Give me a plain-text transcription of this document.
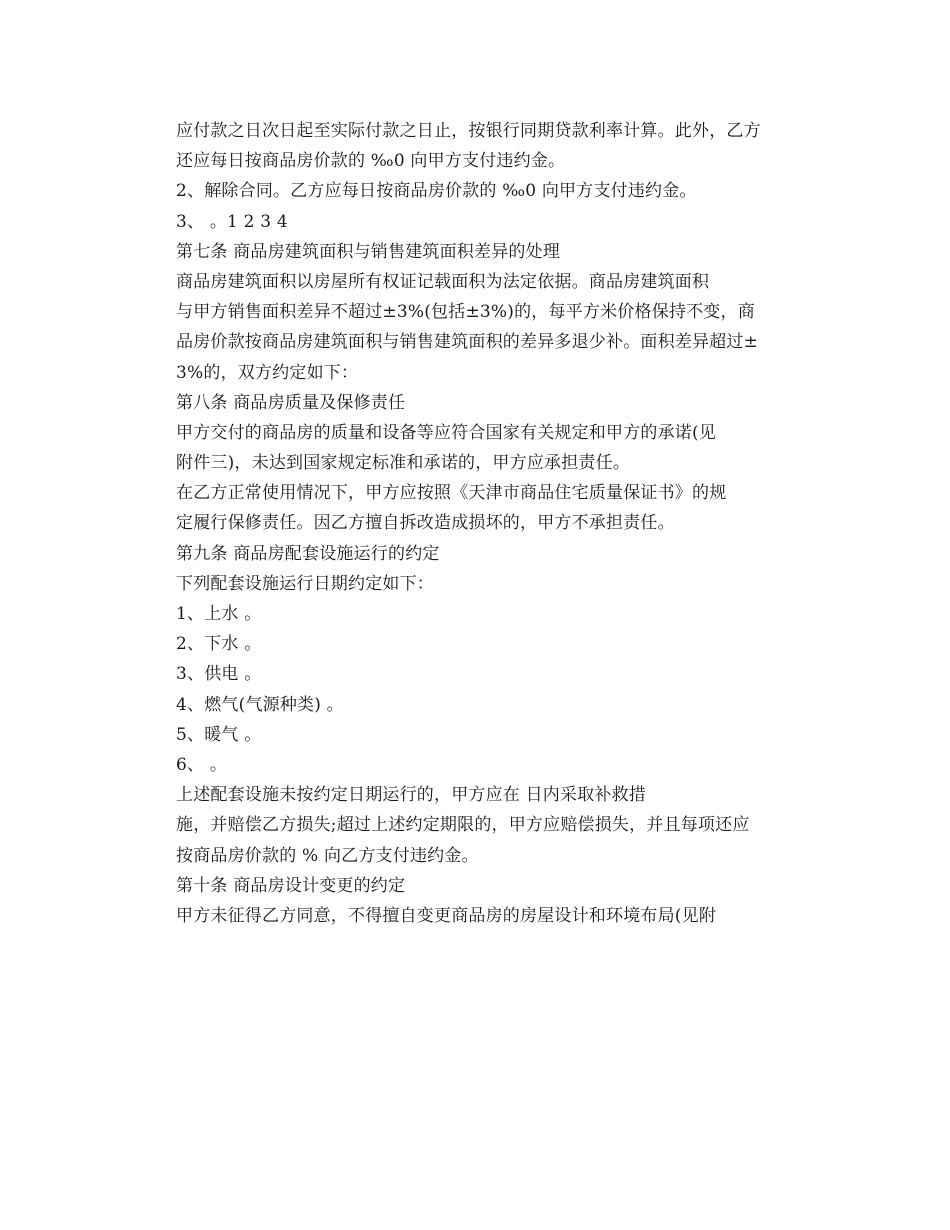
应付款之日次日起至实际付款之日止，按银行同期贷款利率计算。此外，乙方
还应每日按商品房价款的 ‰0 向甲方支付违约金。
2、解除合同。乙方应每日按商品房价款的 ‰0 向甲方支付违约金。
3、 。1 2 3 4
第七条 商品房建筑面积与销售建筑面积差异的处理
商品房建筑面积以房屋所有权证记载面积为法定依据。商品房建筑面积
与甲方销售面积差异不超过±3%(包括±3%)的，每平方米价格保持不变，商
品房价款按商品房建筑面积与销售建筑面积的差异多退少补。面积差异超过±
3%的，双方约定如下：
第八条 商品房质量及保修责任
甲方交付的商品房的质量和设备等应符合国家有关规定和甲方的承诺(见
附件三)，未达到国家规定标准和承诺的，甲方应承担责任。
在乙方正常使用情况下，甲方应按照《天津市商品住宅质量保证书》的规
定履行保修责任。因乙方擅自拆改造成损坏的，甲方不承担责任。
第九条 商品房配套设施运行的约定
下列配套设施运行日期约定如下：
1、上水 。
2、下水 。
3、供电 。
4、燃气(气源种类) 。
5、暖气 。
6、 。
上述配套设施未按约定日期运行的，甲方应在 日内采取补救措
施，并赔偿乙方损失;超过上述约定期限的，甲方应赔偿损失，并且每项还应
按商品房价款的 % 向乙方支付违约金。
第十条 商品房设计变更的约定
甲方未征得乙方同意，不得擅自变更商品房的房屋设计和环境布局(见附
